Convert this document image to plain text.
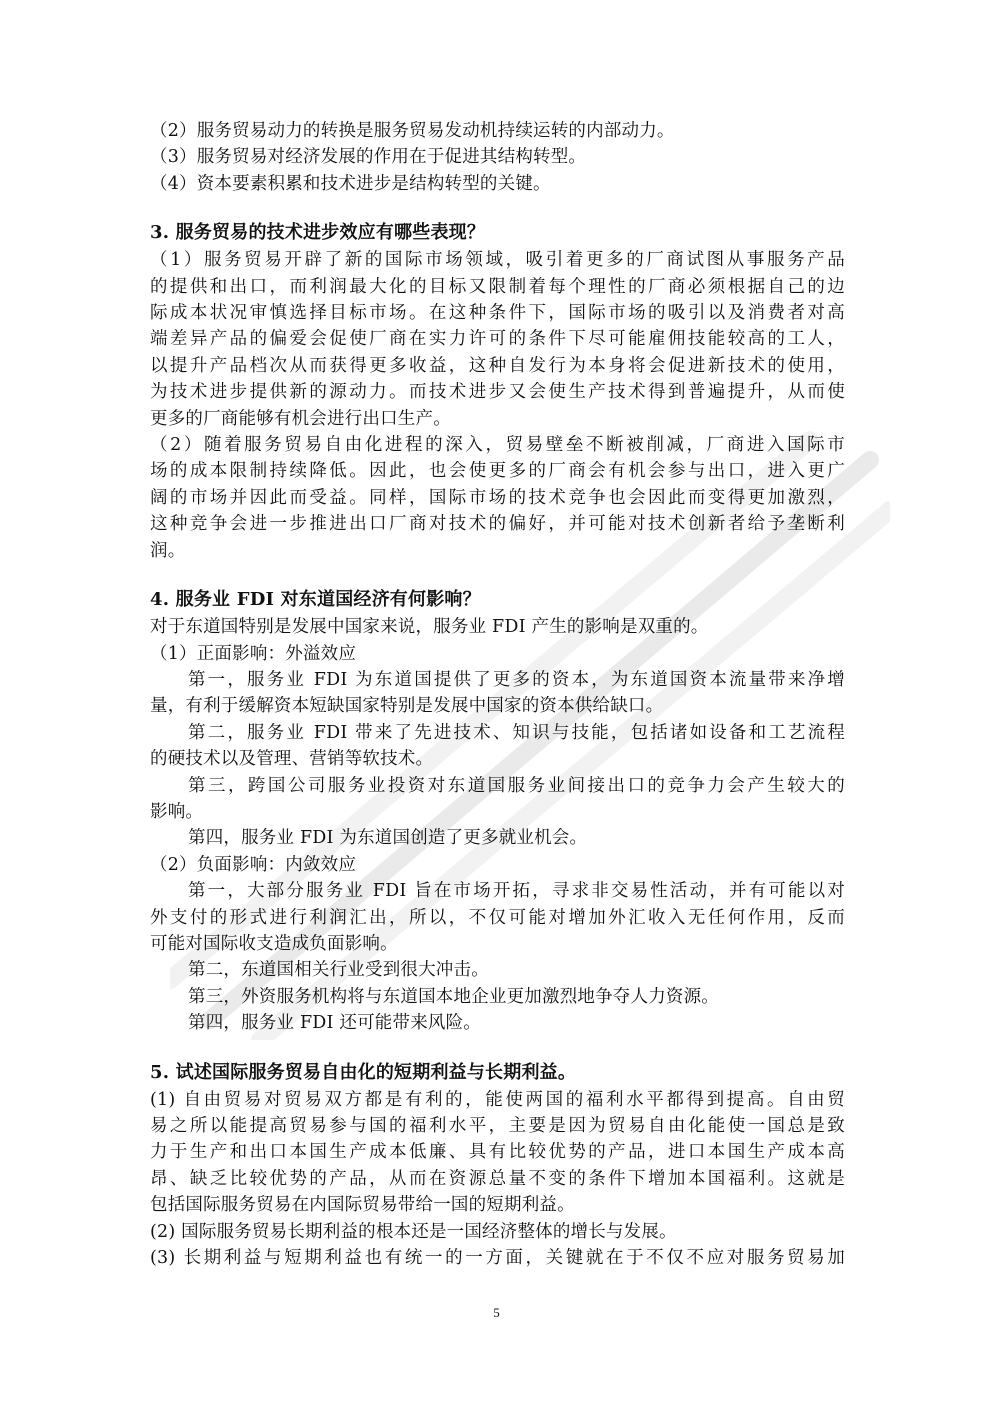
（2）服务贸易动力的转换是服务贸易发动机持续运转的内部动力。
（3）服务贸易对经济发展的作用在于促进其结构转型。
（4）资本要素积累和技术进步是结构转型的关键。
3. 服务贸易的技术进步效应有哪些表现？
（1）服务贸易开辟了新的国际市场领域，吸引着更多的厂商试图从事服务产品
的提供和出口，而利润最大化的目标又限制着每个理性的厂商必须根据自己的边
际成本状况审慎选择目标市场。在这种条件下，国际市场的吸引以及消费者对高
端差异产品的偏爱会促使厂商在实力许可的条件下尽可能雇佣技能较高的工人，
以提升产品档次从而获得更多收益，这种自发行为本身将会促进新技术的使用，
为技术进步提供新的源动力。而技术进步又会使生产技术得到普遍提升，从而使
更多的厂商能够有机会进行出口生产。
（2）随着服务贸易自由化进程的深入，贸易壁垒不断被削减，厂商进入国际市
场的成本限制持续降低。因此，也会使更多的厂商会有机会参与出口，进入更广
阔的市场并因此而受益。同样，国际市场的技术竞争也会因此而变得更加激烈，
这种竞争会进一步推进出口厂商对技术的偏好，并可能对技术创新者给予垄断利
润。
4. 服务业 FDI 对东道国经济有何影响？
对于东道国特别是发展中国家来说，服务业 FDI 产生的影响是双重的。
（1）正面影响：外溢效应
第一，服务业 FDI 为东道国提供了更多的资本，为东道国资本流量带来净增
量，有利于缓解资本短缺国家特别是发展中国家的资本供给缺口。
第二，服务业 FDI 带来了先进技术、知识与技能，包括诸如设备和工艺流程
的硬技术以及管理、营销等软技术。
第三，跨国公司服务业投资对东道国服务业间接出口的竞争力会产生较大的
影响。
第四，服务业 FDI 为东道国创造了更多就业机会。
（2）负面影响：内敛效应
第一，大部分服务业 FDI 旨在市场开拓，寻求非交易性活动，并有可能以对
外支付的形式进行利润汇出，所以，不仅可能对增加外汇收入无任何作用，反而
可能对国际收支造成负面影响。
第二，东道国相关行业受到很大冲击。
第三，外资服务机构将与东道国本地企业更加激烈地争夺人力资源。
第四，服务业 FDI 还可能带来风险。
5. 试述国际服务贸易自由化的短期利益与长期利益。
(1) 自由贸易对贸易双方都是有利的，能使两国的福利水平都得到提高。自由贸
易之所以能提高贸易参与国的福利水平，主要是因为贸易自由化能使一国总是致
力于生产和出口本国生产成本低廉、具有比较优势的产品，进口本国生产成本高
昂、缺乏比较优势的产品，从而在资源总量不变的条件下增加本国福利。这就是
包括国际服务贸易在内国际贸易带给一国的短期利益。
(2) 国际服务贸易长期利益的根本还是一国经济整体的增长与发展。
(3) 长期利益与短期利益也有统一的一方面，关键就在于不仅不应对服务贸易加
5
